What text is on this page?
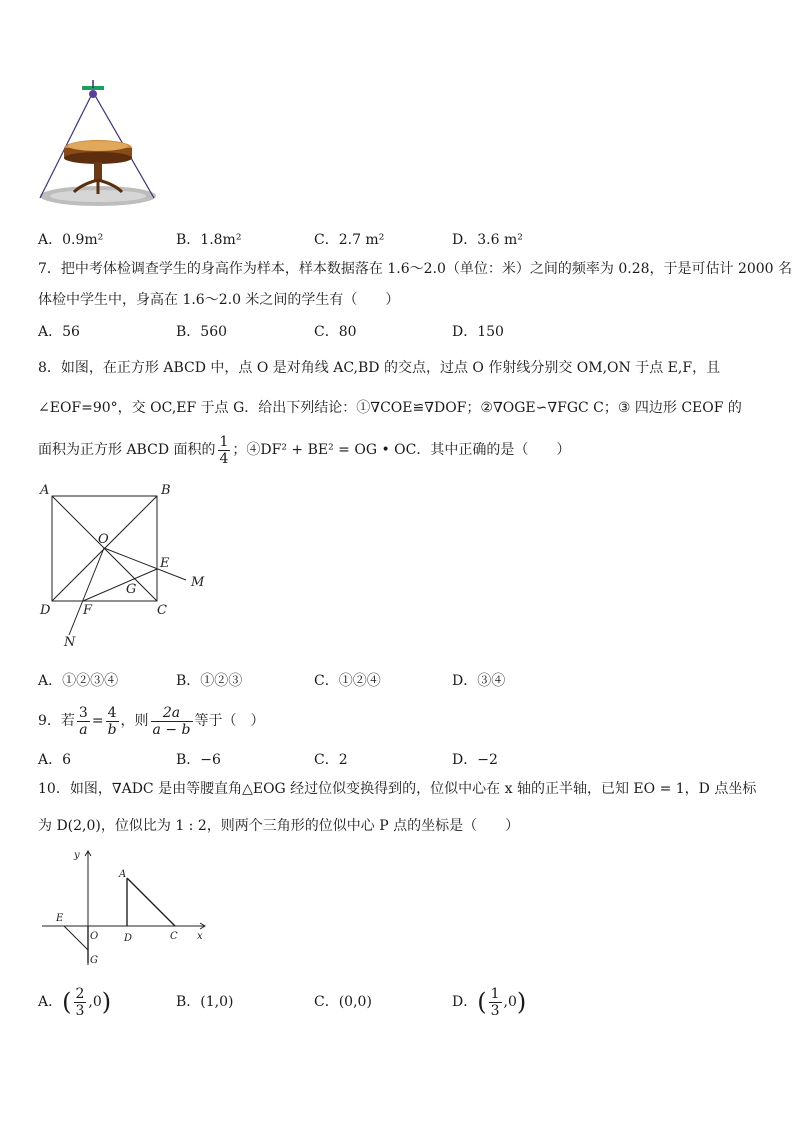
A．0.9m²	B．1.8m²	C．2.7 m²	D．3.6 m²
7．把中考体检调查学生的身高作为样本，样本数据落在 1.6～2.0（单位：米）之间的频率为 0.28，于是可估计 2000 名
体检中学生中，身高在 1.6～2.0 米之间的学生有（　　）
A．56	B．560	C．80	D．150
8．如图，在正方形 ABCD 中，点 O 是对角线 AC,BD 的交点，过点 O 作射线分别交 OM,ON 于点 E,F，且
∠EOF=90°，交 OC,EF 于点 G．给出下列结论：①∇COE≌∇DOF；②∇OGE∽∇FGC C；③ 四边形 CEOF 的
面积为正方形 ABCD 面积的 $\frac{1}{4}$ ；④DF² + BE² = OG • OC．其中正确的是（　　）
A	B
C
D
O
E
F
G	M
N
A．①②③④	B．①②③	C．①②④	D．③④
9．若 $\frac{3}{a} = \frac{4}{b}$ ，则 $\frac{2a}{a - b}$ 等于（　）
A．6	B．−6	C．2	D．−2
10．如图，∇ADC 是由等腰直角△EOG 经过位似变换得到的，位似中心在 x 轴的正半轴，已知 EO = 1，D 点坐标
为 D(2,0)，位似比为 1 : 2，则两个三角形的位似中心 P 点的坐标是（　　）
y
x
A
E
O	D	C
G
A．( $\frac{2}{3} ,0$)	B．(1,0)	C．(0,0)	D．( $\frac{1}{3} ,0$)
